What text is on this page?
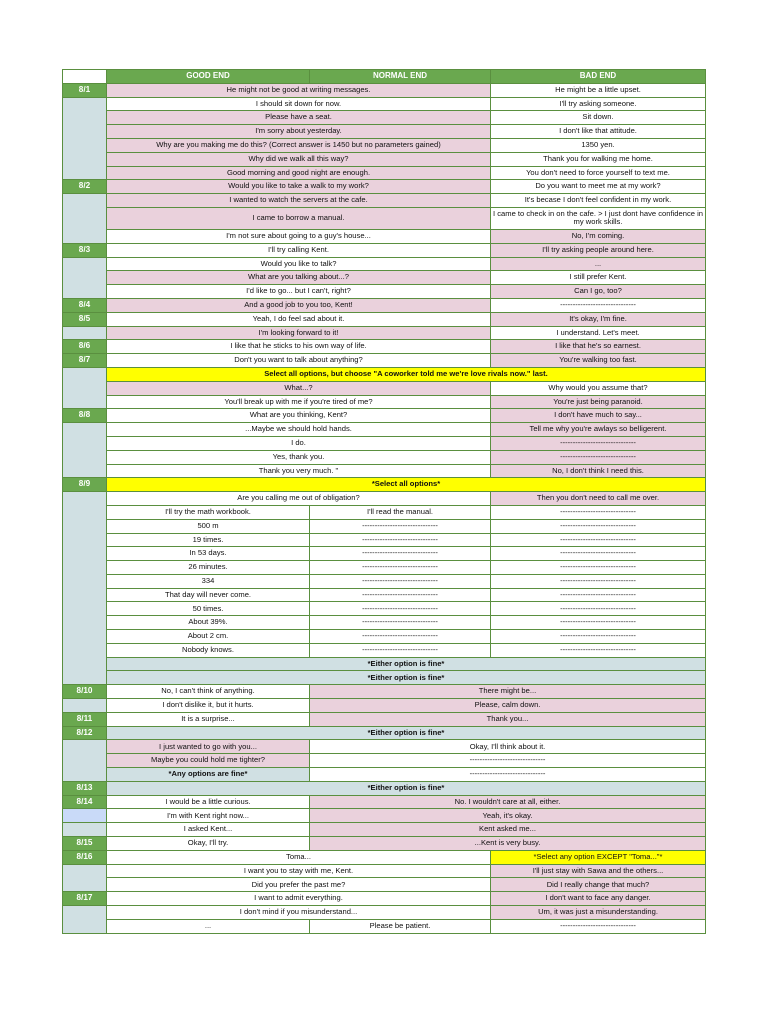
	GOOD END	NORMAL END	BAD END
8/1	He might not be good at writing messages.		He might be a little upset.
	I should sit down for now.		I'll try asking someone.
	Please have a seat.		Sit down.
	I'm sorry about yesterday.		I don't like that attitude.
	Why are you making me do this? (Correct answer is 1450 but no parameters gained)		1350 yen.
	Why did we walk all this way?		Thank you for walking me home.
	Good morning and good night are enough.		You don't need to force yourself to text me.
8/2	Would you like to take a walk to my work?		Do you want to meet me at my work?
	I wanted to watch the servers at the cafe.		It's becase I don't feel confident in my work.
	I came to borrow a manual.		I came to check in on the cafe. > I just dont have confidence in my work skills.
	I'm not sure about going to a guy's house...		No, I'm coming.
8/3	I'll try calling Kent.		I'll try asking people around here.
	Would you like to talk?		...
	What are you talking about...?		I still prefer Kent.
	I'd like to go... but I can't, right?		Can I go, too?
8/4	And a good job to you too, Kent!		------------------------------
8/5	Yeah, I do feel sad about it.		It's okay, I'm fine.
	I'm looking forward to it!		I understand. Let's meet.
8/6	I like that he sticks to his own way of life.		I like that he's so earnest.
8/7	Don't you want to talk about anything?		You're walking too fast.
	Select all options, but choose "A coworker told me we're love rivals now." last.		
	What...?		Why would you assume that?
	You'll break up with me if you're tired of me?		You're just being paranoid.
8/8	What are you thinking, Kent?		I don't have much to say...
	...Maybe we should hold hands.		Tell me why you're awlays so belligerent.
	I do.		------------------------------
	Yes, thank you.		------------------------------
	Thank you very much. "		No, I don't think I need this.
8/9	*Select all options*		
	Are you calling me out of obligation?		Then you don't need to call me over.
	I'll try the math workbook.	I'll read the manual.	------------------------------
	500 m	------------------------------	------------------------------
	19 times.	------------------------------	------------------------------
	In 53 days.	------------------------------	------------------------------
	26 minutes.	------------------------------	------------------------------
	334	------------------------------	------------------------------
	That day will never come.	------------------------------	------------------------------
	50 times.	------------------------------	------------------------------
	About 39%.	------------------------------	------------------------------
	About 2 cm.	------------------------------	------------------------------
	Nobody knows.	------------------------------	------------------------------
	*Either option is fine*		
	*Either option is fine*		
8/10	No, I can't think of anything.	There might be...	
	I don't dislike it, but it hurts.	Please, calm down.	
8/11	It is a surprise...	Thank you...	
8/12	*Either option is fine*		
	I just wanted to go with you...	Okay, I'll think about it.	
	Maybe you could hold me tighter?	------------------------------	
	*Any options are fine*	------------------------------	
8/13	*Either option is fine*		
8/14	I would be a little curious.	No. I wouldn't care at all, either.	
	I'm with Kent right now...	Yeah, it's okay.	
	I asked Kent...	Kent asked me...	
8/15	Okay, I'll try.	...Kent is very busy.	
8/16	Toma...		*Select any option EXCEPT "Toma..."*
	I want you to stay with me, Kent.		I'll just stay with Sawa and the others...
	Did you prefer the past me?		Did I really change that much?
8/17	I want to admit everything.		I don't want to face any danger.
	I don't mind if you misunderstand...		Um, it was just a misunderstanding.
	...	Please be patient.	------------------------------
